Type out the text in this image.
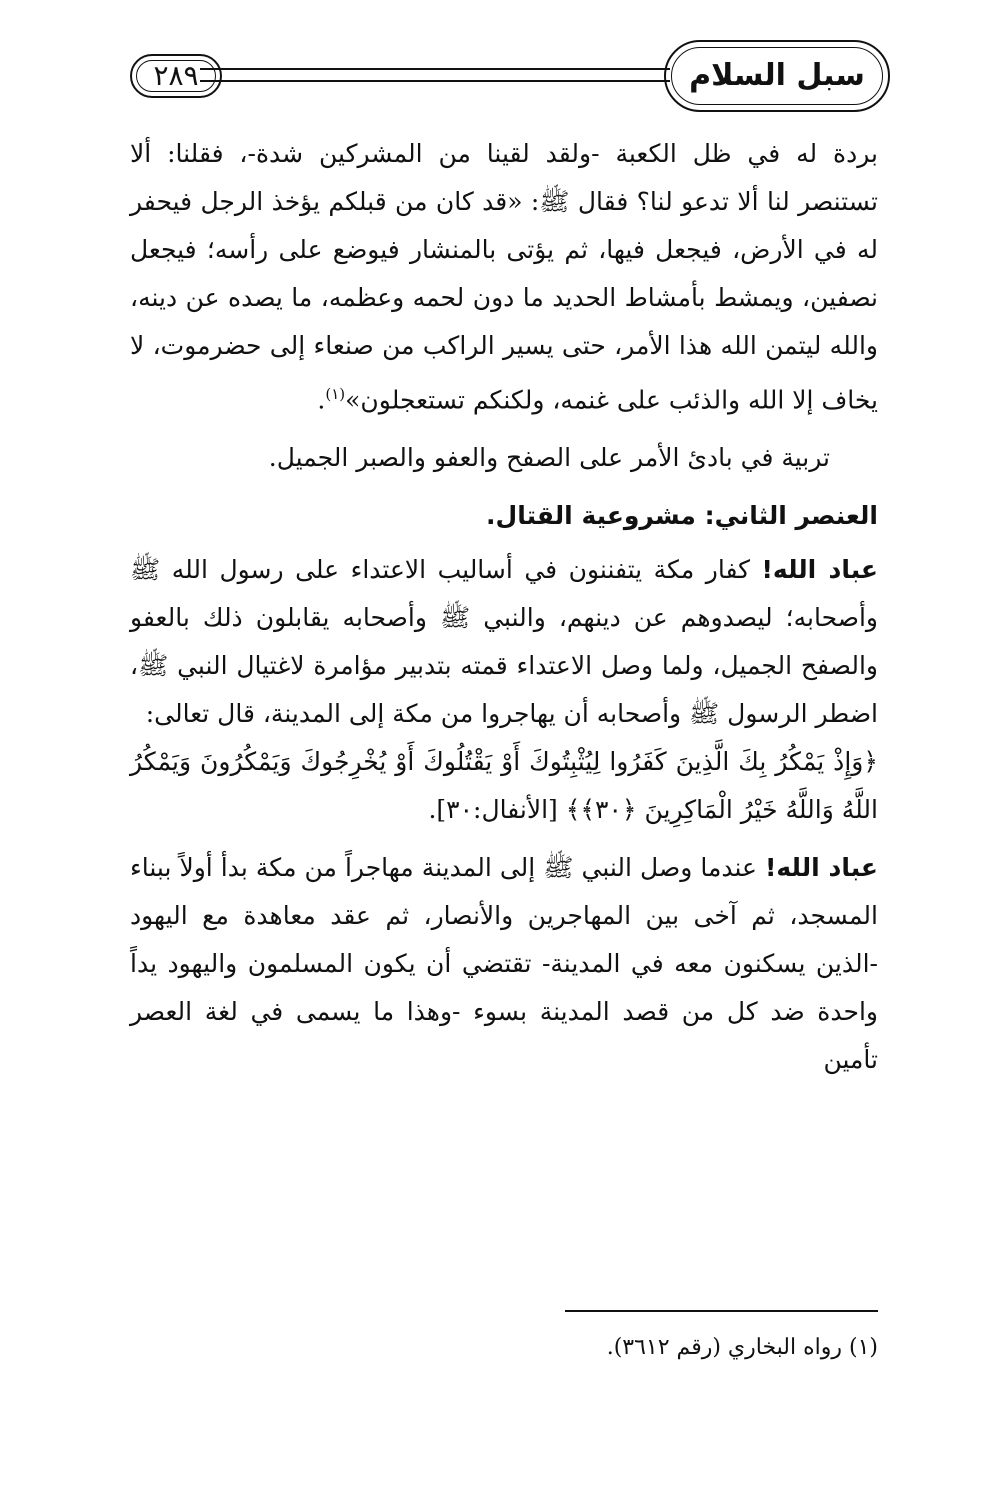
٢٨٩	سبل السلام

بردة له في ظل الكعبة -ولقد لقينا من المشركين شدة-، فقلنا: ألا تستنصر لنا ألا تدعو لنا؟ فقال ﷺ: «قد كان من قبلكم يؤخذ الرجل فيحفر له في الأرض، فيجعل فيها، ثم يؤتى بالمنشار فيوضع على رأسه؛ فيجعل نصفين، ويمشط بأمشاط الحديد ما دون لحمه وعظمه، ما يصده عن دينه، والله ليتمن الله هذا الأمر، حتى يسير الراكب من صنعاء إلى حضرموت، لا يخاف إلا الله والذئب على غنمه، ولكنكم تستعجلون»$^{(١)}$.

تربية في بادئ الأمر على الصفح والعفو والصبر الجميل.

العنصر الثاني: مشروعية القتال.

عباد الله! كفار مكة يتفننون في أساليب الاعتداء على رسول الله ﷺ وأصحابه؛ ليصدوهم عن دينهم، والنبي ﷺ وأصحابه يقابلون ذلك بالعفو والصفح الجميل، ولما وصل الاعتداء قمته بتدبير مؤامرة لاغتيال النبي ﷺ، اضطر الرسول ﷺ وأصحابه أن يهاجروا من مكة إلى المدينة، قال تعالى:

﴿وَإِذْ يَمْكُرُ بِكَ الَّذِينَ كَفَرُوا لِيُثْبِتُوكَ أَوْ يَقْتُلُوكَ أَوْ يُخْرِجُوكَ وَيَمْكُرُونَ وَيَمْكُرُ اللَّهُ وَاللَّهُ خَيْرُ الْمَاكِرِينَ ﴿٣٠﴾﴾ [الأنفال:٣٠].

عباد الله! عندما وصل النبي ﷺ إلى المدينة مهاجراً من مكة بدأ أولاً ببناء المسجد، ثم آخى بين المهاجرين والأنصار، ثم عقد معاهدة مع اليهود -الذين يسكنون معه في المدينة- تقتضي أن يكون المسلمون واليهود يداً واحدة ضد كل من قصد المدينة بسوء -وهذا ما يسمى في لغة العصر تأمين

(١) رواه البخاري (رقم ٣٦١٢).
